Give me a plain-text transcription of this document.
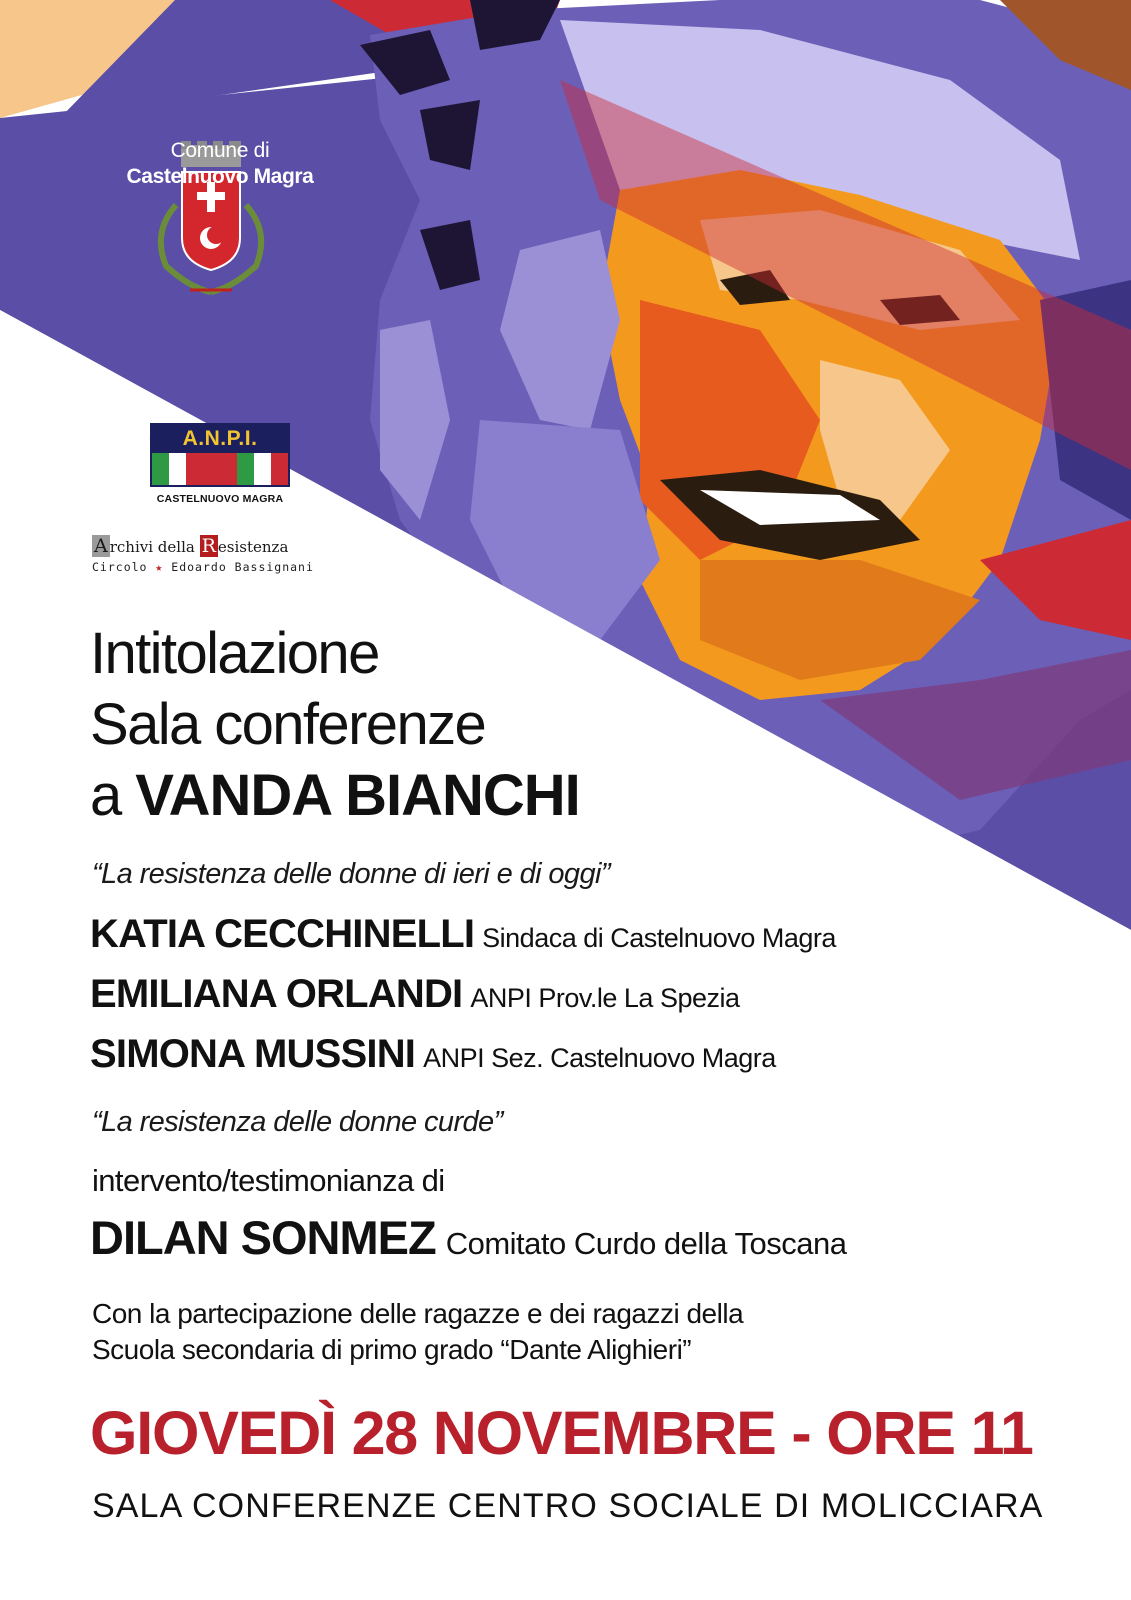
Comune di
Castelnuovo Magra
A.N.P.I.
CASTELNUOVO MAGRA
A rchivi della R esistenza
Circolo ★ Edoardo Bassignani
Intitolazione
Sala conferenze
a VANDA BIANCHI
“La resistenza delle donne di ieri e di oggi”
KATIA CECCHINELLI Sindaca di Castelnuovo Magra
EMILIANA ORLANDI ANPI Prov.le La Spezia
SIMONA MUSSINI ANPI Sez. Castelnuovo Magra
“La resistenza delle donne curde”
intervento/testimonianza di
DILAN SONMEZ Comitato Curdo della Toscana
Con la partecipazione delle ragazze e dei ragazzi della
Scuola secondaria di primo grado “Dante Alighieri”
GIOVEDÌ 28 NOVEMBRE - ORE 11
SALA CONFERENZE CENTRO SOCIALE DI MOLICCIARA
